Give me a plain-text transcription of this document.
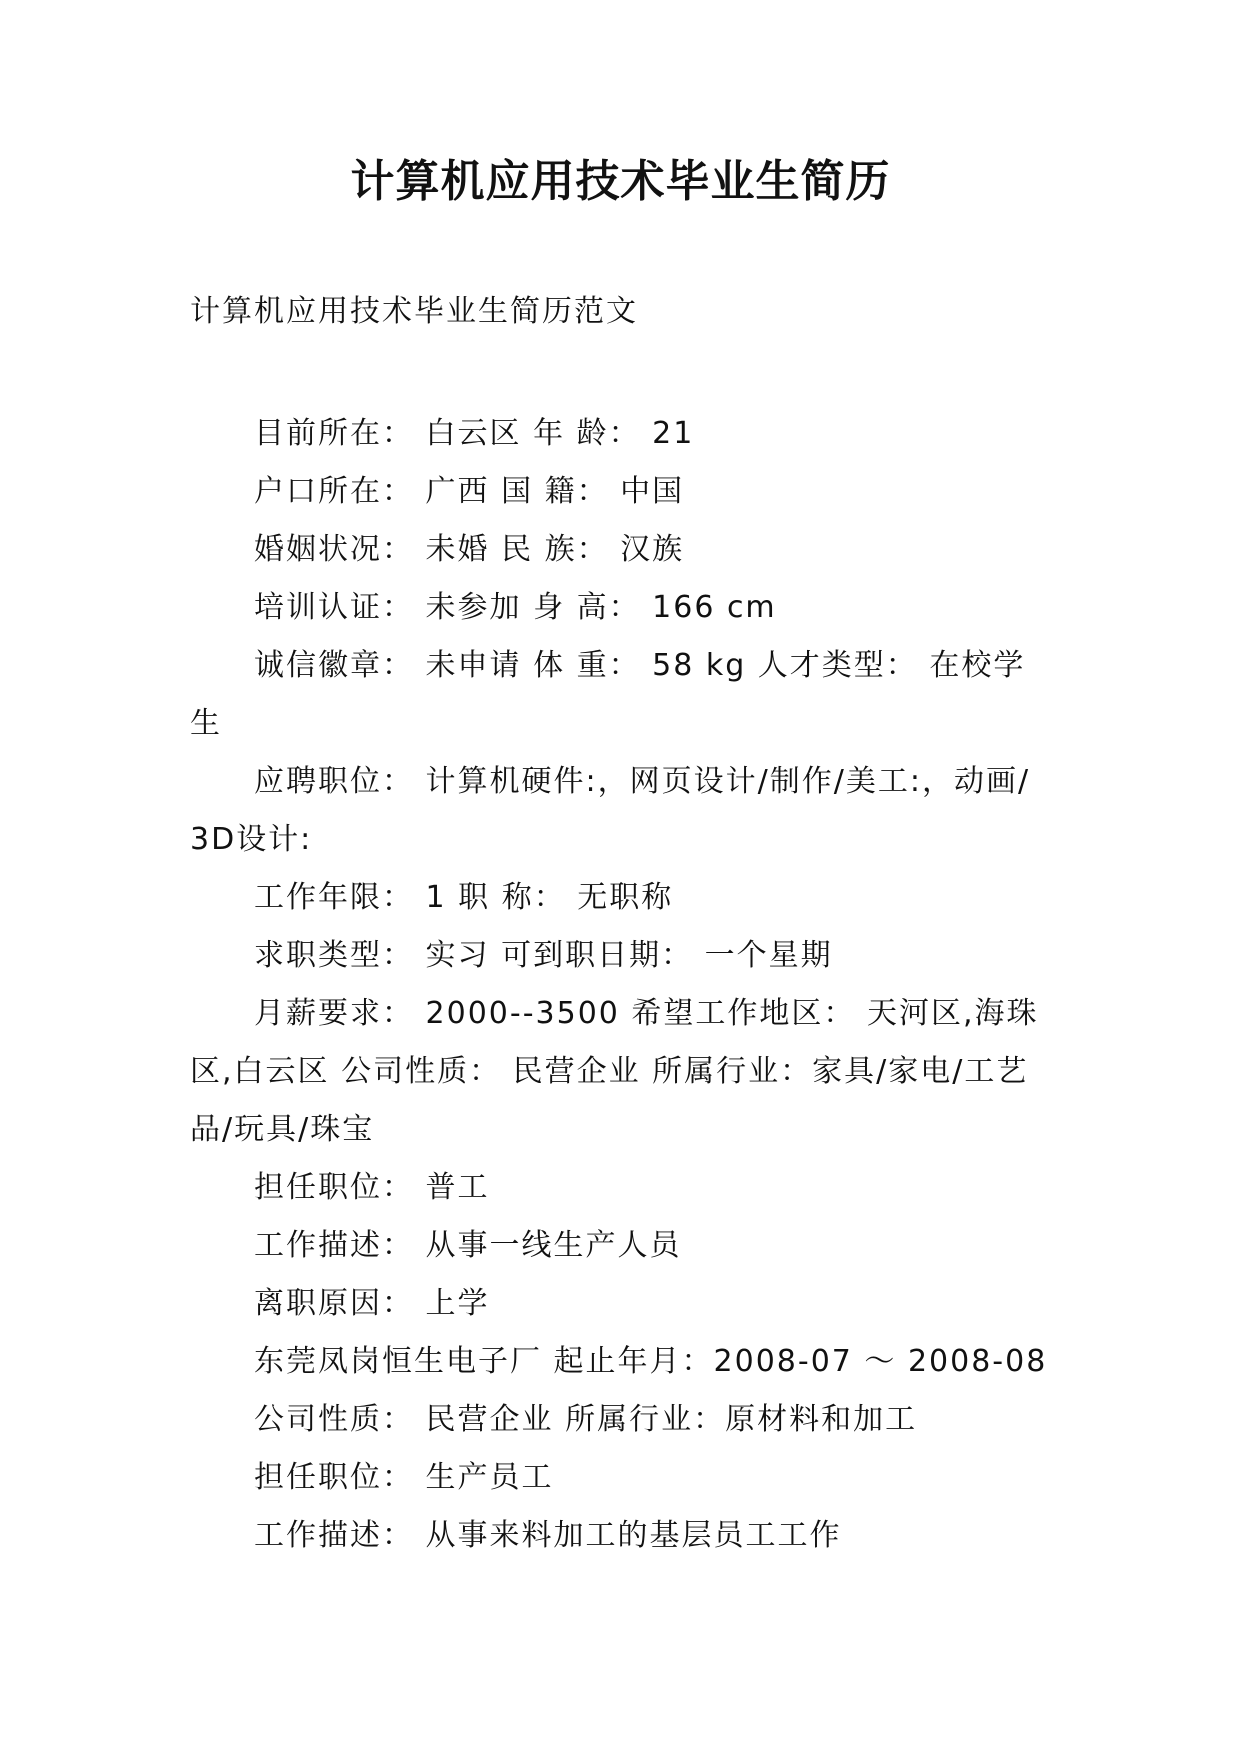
计算机应用技术毕业生简历

计算机应用技术毕业生简历范文

目前所在： 白云区 年 龄： 21

户口所在： 广西 国 籍： 中国

婚姻状况： 未婚 民 族： 汉族

培训认证： 未参加 身 高： 166 cm

诚信徽章： 未申请 体 重： 58 kg 人才类型： 在校学生

应聘职位： 计算机硬件:，网页设计/制作/美工:，动画/3D设计:

工作年限： 1 职 称： 无职称

求职类型： 实习 可到职日期： 一个星期

月薪要求： 2000--3500 希望工作地区： 天河区,海珠区,白云区 公司性质： 民营企业 所属行业：家具/家电/工艺品/玩具/珠宝

担任职位： 普工

工作描述： 从事一线生产人员

离职原因： 上学

东莞凤岗恒生电子厂 起止年月：2008-07 ～ 2008-08

公司性质： 民营企业 所属行业：原材料和加工

担任职位： 生产员工

工作描述： 从事来料加工的基层员工工作
